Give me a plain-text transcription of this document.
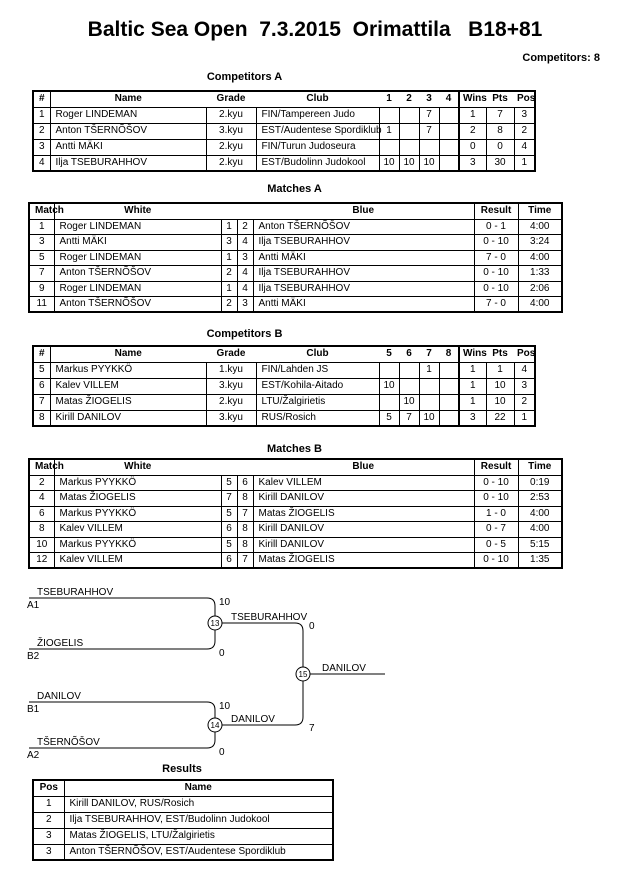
Baltic Sea Open  7.3.2015  Orimattila   B18+81
Competitors: 8
Competitors A
#	Name	Grade	Club	1	2	3	4	Wins	Pts	Pos
1	Roger LINDEMAN	2.kyu	FIN/Tampereen Judo			7		1	7	3
2	Anton TŠERNÕŠOV	3.kyu	EST/Audentese Spordiklub	1		7		2	8	2
3	Antti MÄKI	2.kyu	FIN/Turun Judoseura					0	0	4
4	Ilja TSEBURAHHOV	2.kyu	EST/Budolinn Judokool	10	10	10		3	30	1
Matches A
Match	White			Blue	Result	Time
1	Roger LINDEMAN	1	2	Anton TŠERNÕŠOV	0 - 1	4:00
3	Antti MÄKI	3	4	Ilja TSEBURAHHOV	0 - 10	3:24
5	Roger LINDEMAN	1	3	Antti MÄKI	7 - 0	4:00
7	Anton TŠERNÕŠOV	2	4	Ilja TSEBURAHHOV	0 - 10	1:33
9	Roger LINDEMAN	1	4	Ilja TSEBURAHHOV	0 - 10	2:06
11	Anton TŠERNÕŠOV	2	3	Antti MÄKI	7 - 0	4:00
Competitors B
#	Name	Grade	Club	5	6	7	8	Wins	Pts	Pos
5	Markus PYYKKÖ	1.kyu	FIN/Lahden JS			1		1	1	4
6	Kalev VILLEM	3.kyu	EST/Kohila-Aitado	10				1	10	3
7	Matas ŽIOGELIS	2.kyu	LTU/Žalgirietis		10			1	10	2
8	Kirill DANILOV	3.kyu	RUS/Rosich	5	7	10		3	22	1
Matches B
Match	White			Blue	Result	Time
2	Markus PYYKKÖ	5	6	Kalev VILLEM	0 - 10	0:19
4	Matas ŽIOGELIS	7	8	Kirill DANILOV	0 - 10	2:53
6	Markus PYYKKÖ	5	7	Matas ŽIOGELIS	1 - 0	4:00
8	Kalev VILLEM	6	8	Kirill DANILOV	0 - 7	4:00
10	Markus PYYKKÖ	5	8	Kirill DANILOV	0 - 5	5:15
12	Kalev VILLEM	6	7	Matas ŽIOGELIS	0 - 10	1:35
TSEBURAHHOV
A1	10
ŽIOGELIS
B2	0
13
TSEBURAHHOV
0
DANILOV
B1	10
TŠERNÕŠOV
A2	0
14
DANILOV
7
15
DANILOV
Results
Pos	Name
1	Kirill DANILOV, RUS/Rosich
2	Ilja TSEBURAHHOV, EST/Budolinn Judokool
3	Matas ŽIOGELIS, LTU/Žalgirietis
3	Anton TŠERNÕŠOV, EST/Audentese Spordiklub
